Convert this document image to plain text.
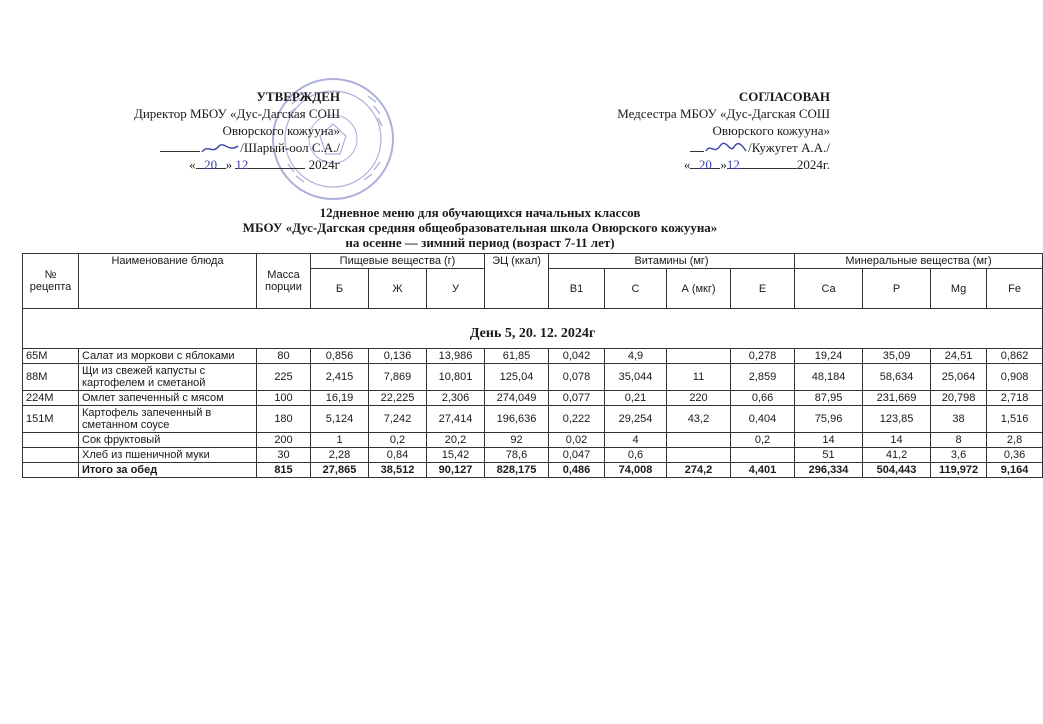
УТВЕРЖДЕН
Директор МБОУ «Дус-Дагская СОШ
Овюрского кожууна»
/Шарый-оол С.А./
« 20 » 12	2024г
СОГЛАСОВАН
Медсестра МБОУ «Дус-Дагская СОШ
Овюрского кожууна»
/Кужугет А.А./
« 20 »12	2024г.
12дневное меню для обучающихся начальных классов
МБОУ «Дус-Дагская средняя общеобразовательная школа Овюрского кожууна»
на осенне — зимний период (возраст 7-11 лет)
№ рецепта	Наименование блюда	Масса порции	Пищевые вещества (г)			ЭЦ (ккал)	Витамины (мг)				Минеральные вещества (мг)			
			Б	Ж	У		В1	С	А (мкг)	Е	Ca	P	Mg	Fe
День 5, 20. 12. 2024г														
65М	Салат из моркови с яблоками	80	0,856	0,136	13,986	61,85	0,042	4,9		0,278	19,24	35,09	24,51	0,862
88М	Щи из свежей капусты с картофелем и сметаной	225	2,415	7,869	10,801	125,04	0,078	35,044	11	2,859	48,184	58,634	25,064	0,908
224М	Омлет запеченный с мясом	100	16,19	22,225	2,306	274,049	0,077	0,21	220	0,66	87,95	231,669	20,798	2,718
151М	Картофель запеченный в сметанном соусе	180	5,124	7,242	27,414	196,636	0,222	29,254	43,2	0,404	75,96	123,85	38	1,516
	Сок фруктовый	200	1	0,2	20,2	92	0,02	4		0,2	14	14	8	2,8
	Хлеб из пшеничной муки	30	2,28	0,84	15,42	78,6	0,047	0,6			51	41,2	3,6	0,36
	Итого за обед	815	27,865	38,512	90,127	828,175	0,486	74,008	274,2	4,401	296,334	504,443	119,972	9,164
